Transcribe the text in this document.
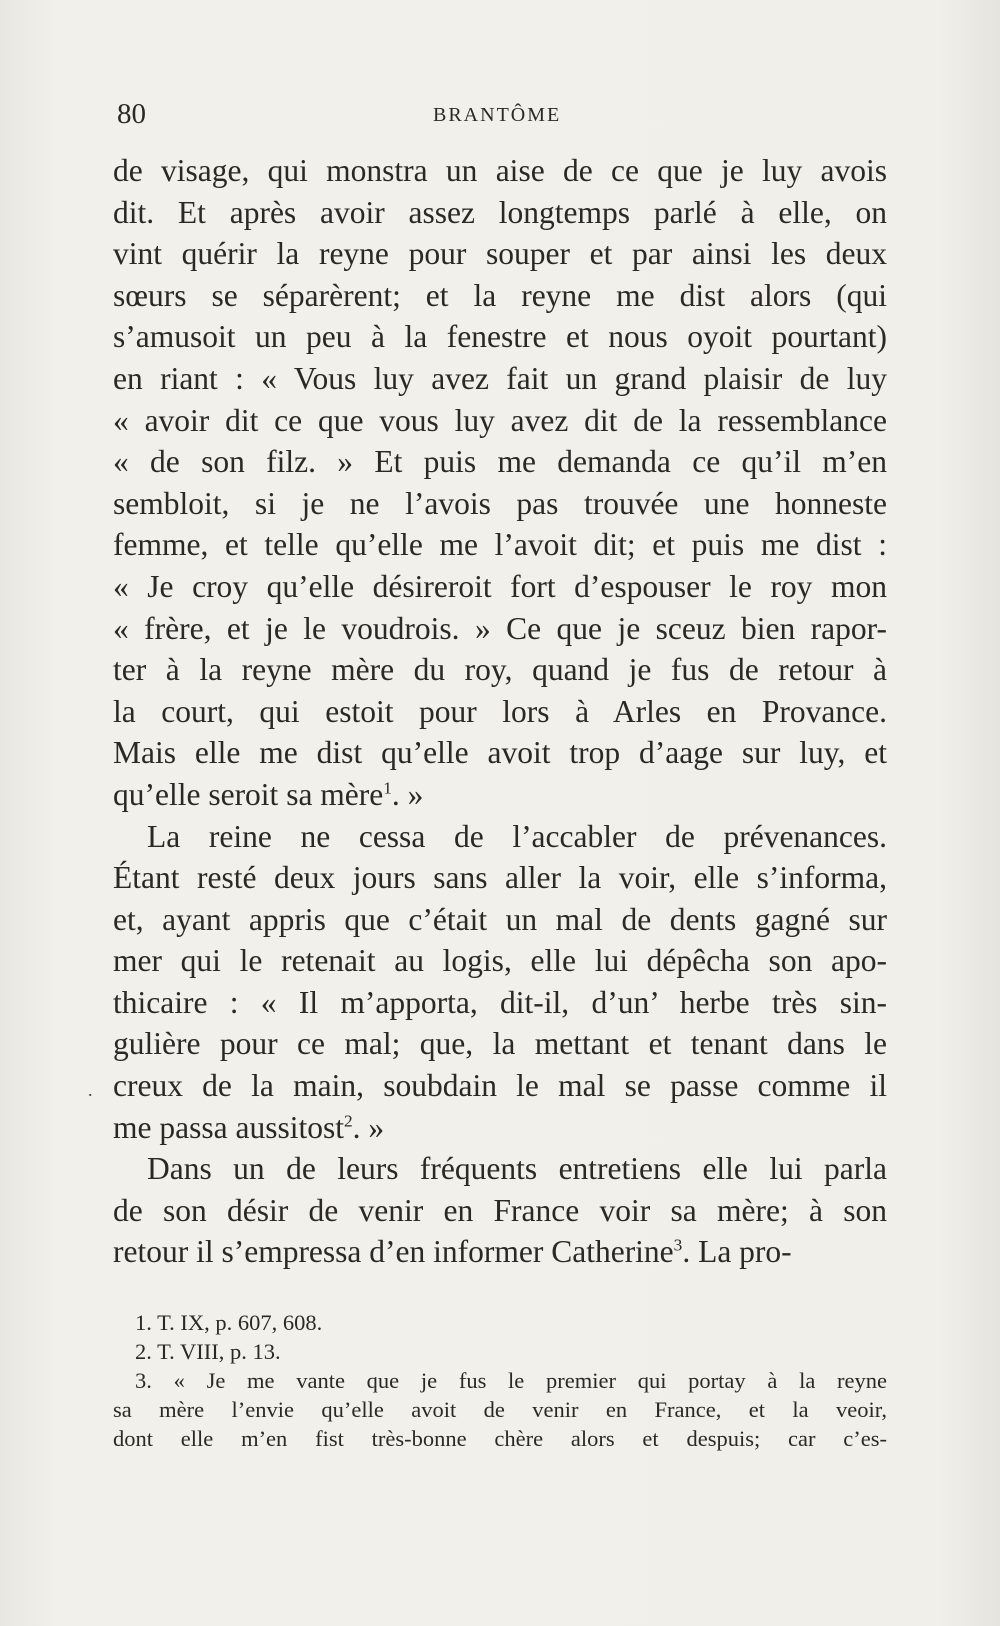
80	BRANTÔME
de visage, qui monstra un aise de ce que je luy avois
dit. Et après avoir assez longtemps parlé à elle, on
vint quérir la reyne pour souper et par ainsi les deux
sœurs se séparèrent; et la reyne me dist alors (qui
s’amusoit un peu à la fenestre et nous oyoit pourtant)
en riant : « Vous luy avez fait un grand plaisir de luy
« avoir dit ce que vous luy avez dit de la ressemblance
« de son filz. » Et puis me demanda ce qu’il m’en
sembloit, si je ne l’avois pas trouvée une honneste
femme, et telle qu’elle me l’avoit dit; et puis me dist :
« Je croy qu’elle désireroit fort d’espouser le roy mon
« frère, et je le voudrois. » Ce que je sceuz bien rapor-
ter à la reyne mère du roy, quand je fus de retour à
la court, qui estoit pour lors à Arles en Provance.
Mais elle me dist qu’elle avoit trop d’aage sur luy, et
qu’elle seroit sa mère$^1$. »
La reine ne cessa de l’accabler de prévenances.
Étant resté deux jours sans aller la voir, elle s’informa,
et, ayant appris que c’était un mal de dents gagné sur
mer qui le retenait au logis, elle lui dépêcha son apo-
thicaire : « Il m’apporta, dit-il, d’un’ herbe très sin-
gulière pour ce mal; que, la mettant et tenant dans le
creux de la main, soubdain le mal se passe comme il
me passa aussitost$^2$. »
Dans un de leurs fréquents entretiens elle lui parla
de son désir de venir en France voir sa mère; à son
retour il s’empressa d’en informer Catherine$^3$. La pro-
.
1. T. IX, p. 607, 608.
2. T. VIII, p. 13.
3. « Je me vante que je fus le premier qui portay à la reyne
sa mère l’envie qu’elle avoit de venir en France, et la veoir,
dont elle m’en fist très-bonne chère alors et despuis; car c’es-
